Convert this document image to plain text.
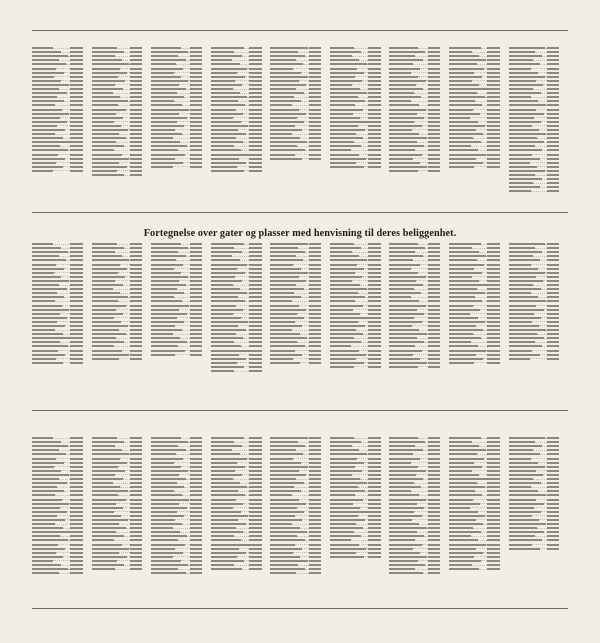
Fortegnelse over gater og plasser med henvisning til deres beliggenhet.
